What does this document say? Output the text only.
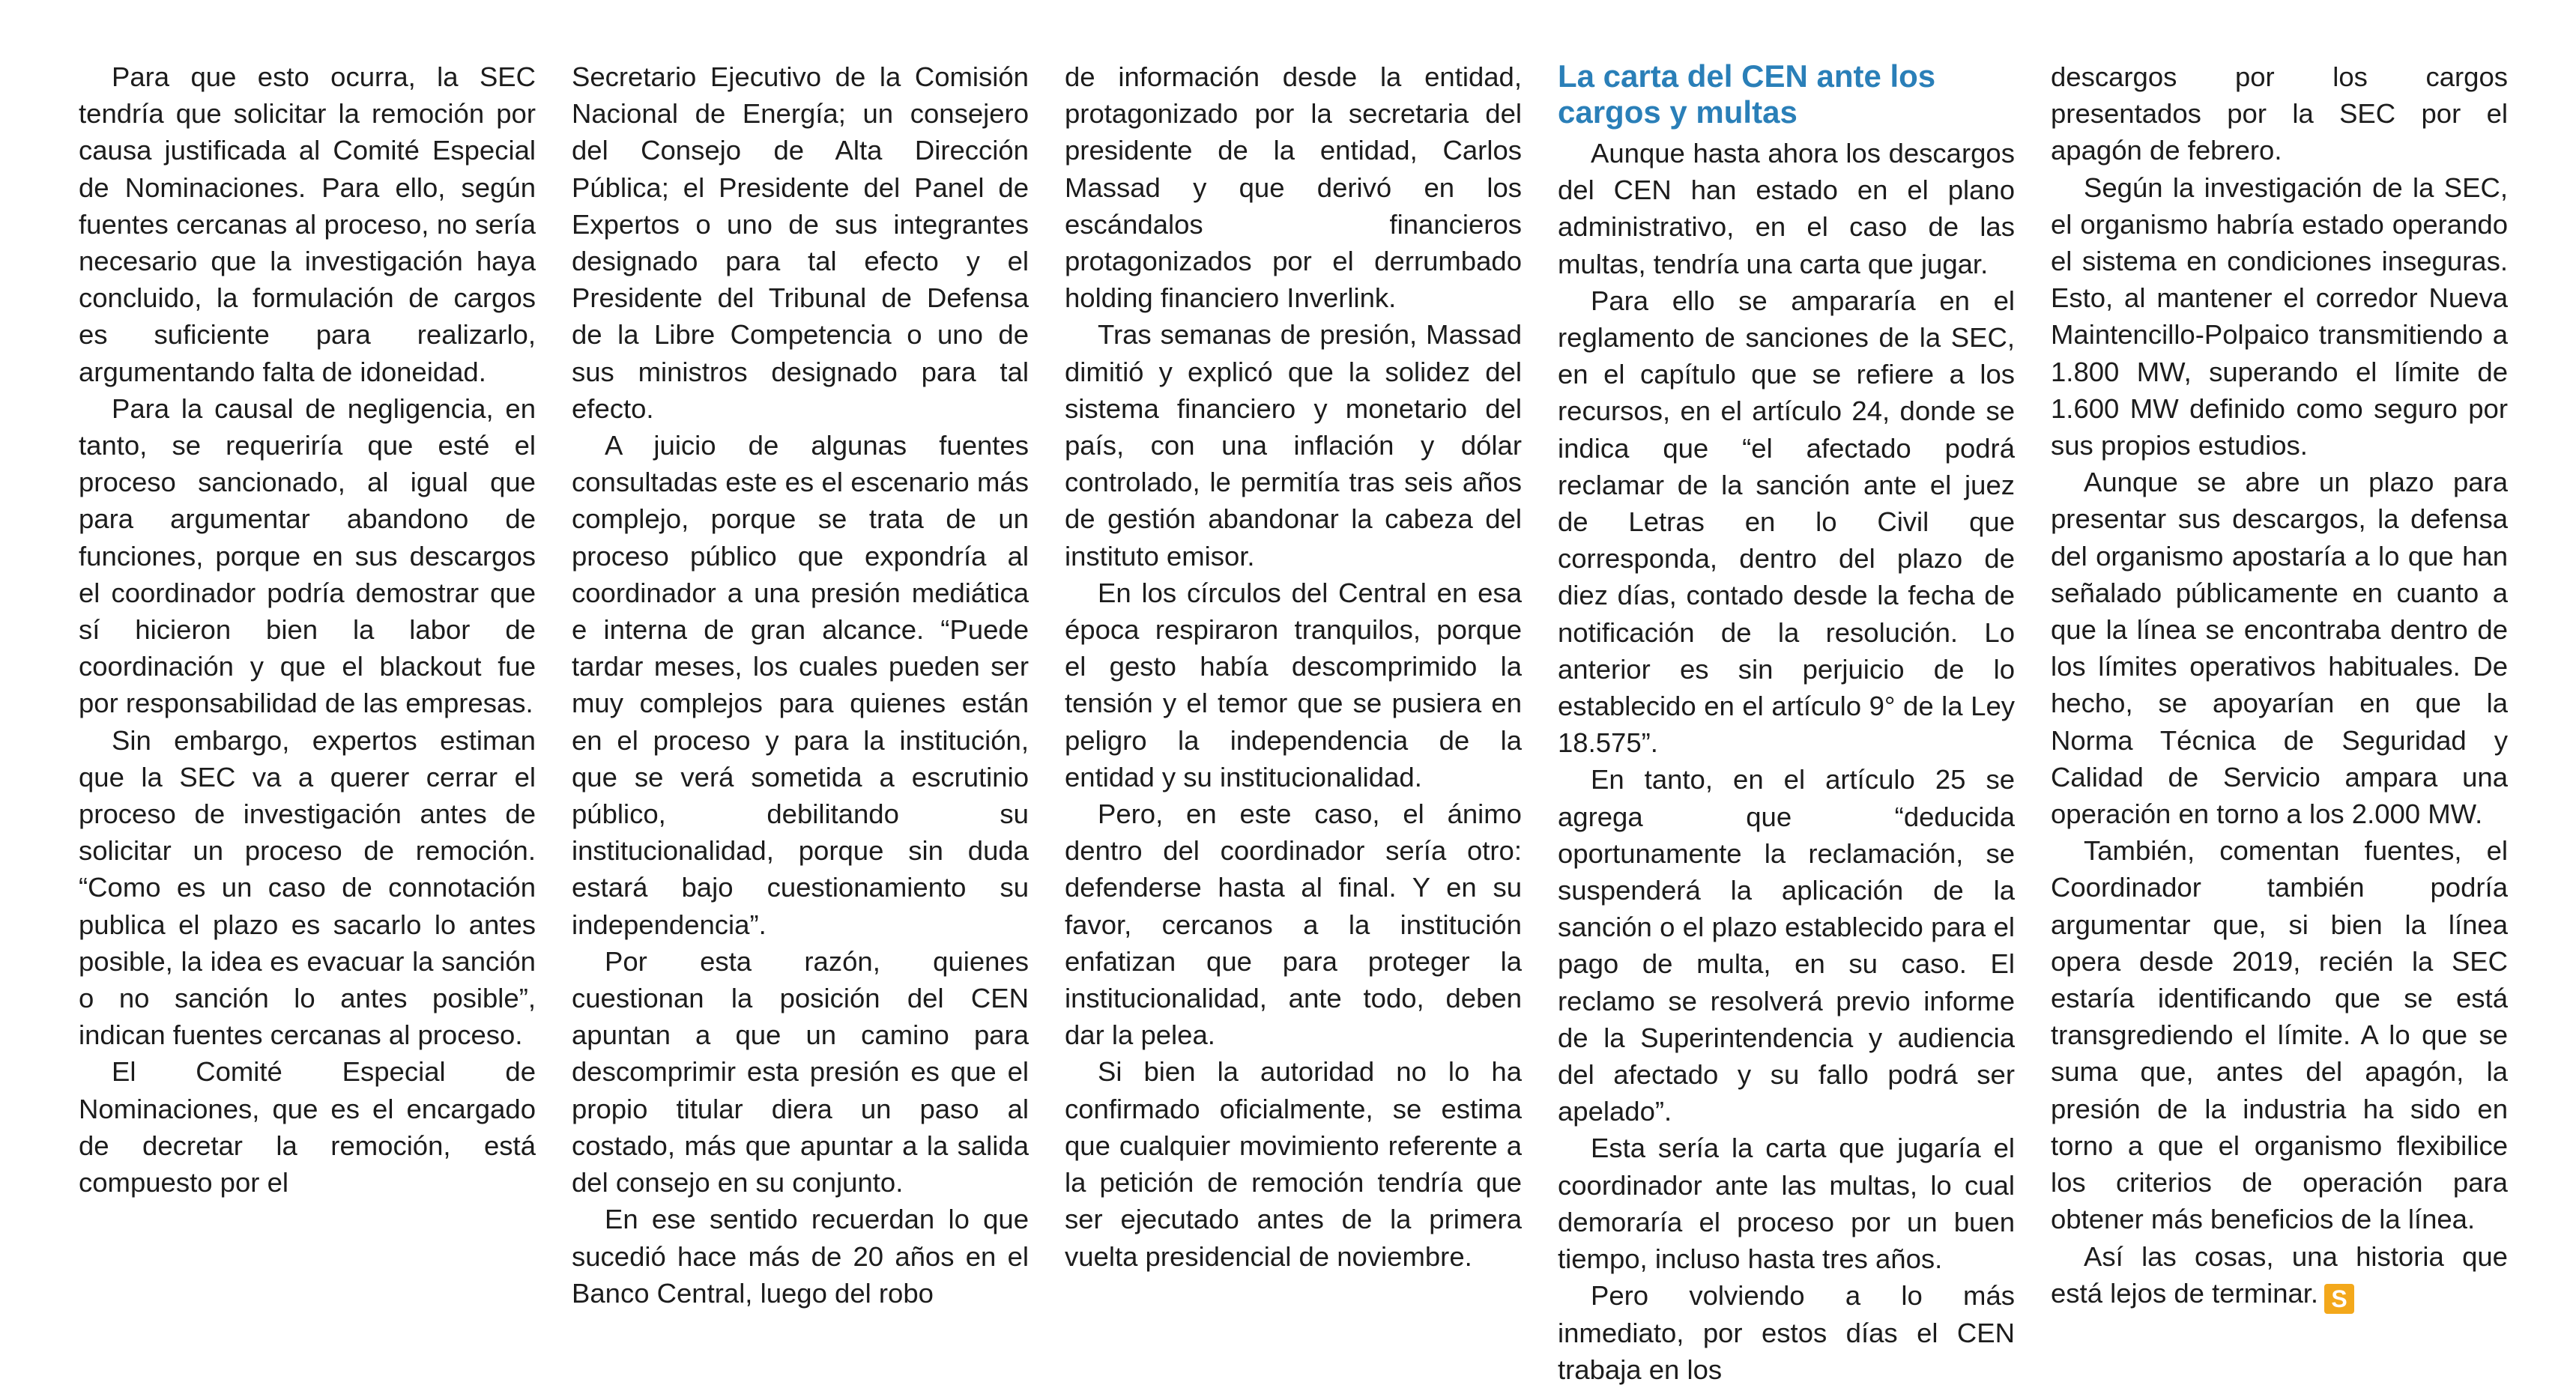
Para que esto ocurra, la SEC tendría que solicitar la remoción por causa justificada al Comité Especial de Nominaciones. Para ello, según fuentes cercanas al proceso, no sería necesario que la investigación haya concluido, la formulación de cargos es suficiente para realizarlo, argumentando falta de idoneidad.

Para la causal de negligencia, en tanto, se requeriría que esté el proceso sancionado, al igual que para argumentar abandono de funciones, porque en sus descargos el coordinador podría demostrar que sí hicieron bien la labor de coordinación y que el blackout fue por responsabilidad de las empresas.

Sin embargo, expertos estiman que la SEC va a querer cerrar el proceso de investigación antes de solicitar un proceso de remoción. “Como es un caso de connotación publica el plazo es sacarlo lo antes posible, la idea es evacuar la sanción o no sanción lo antes posible”, indican fuentes cercanas al proceso.

El Comité Especial de Nominaciones, que es el encargado de decretar la remoción, está compuesto por el

Secretario Ejecutivo de la Comisión Nacional de Energía; un consejero del Consejo de Alta Dirección Pública; el Presidente del Panel de Expertos o uno de sus integrantes designado para tal efecto y el Presidente del Tribunal de Defensa de la Libre Competencia o uno de sus ministros designado para tal efecto.

A juicio de algunas fuentes consultadas este es el escenario más complejo, porque se trata de un proceso público que expondría al coordinador a una presión mediática e interna de gran alcance. “Puede tardar meses, los cuales pueden ser muy complejos para quienes están en el proceso y para la institución, que se verá sometida a escrutinio público, debilitando su institucionalidad, porque sin duda estará bajo cuestionamiento su independencia”.

Por esta razón, quienes cuestionan la posición del CEN apuntan a que un camino para descomprimir esta presión es que el propio titular diera un paso al costado, más que apuntar a la salida del consejo en su conjunto.

En ese sentido recuerdan lo que sucedió hace más de 20 años en el Banco Central, luego del robo

de información desde la entidad, protagonizado por la secretaria del presidente de la entidad, Carlos Massad y que derivó en los escándalos financieros protagonizados por el derrumbado holding financiero Inverlink.

Tras semanas de presión, Massad dimitió y explicó que la solidez del sistema financiero y monetario del país, con una inflación y dólar controlado, le permitía tras seis años de gestión abandonar la cabeza del instituto emisor.

En los círculos del Central en esa época respiraron tranquilos, porque el gesto había descomprimido la tensión y el temor que se pusiera en peligro la independencia de la entidad y su institucionalidad.

Pero, en este caso, el ánimo dentro del coordinador sería otro: defenderse hasta al final. Y en su favor, cercanos a la institución enfatizan que para proteger la institucionalidad, ante todo, deben dar la pelea.

Si bien la autoridad no lo ha confirmado oficialmente, se estima que cualquier movimiento referente a la petición de remoción tendría que ser ejecutado antes de la primera vuelta presidencial de noviembre.

La carta del CEN ante los cargos y multas

Aunque hasta ahora los descargos del CEN han estado en el plano administrativo, en el caso de las multas, tendría una carta que jugar.

Para ello se ampararía en el reglamento de sanciones de la SEC, en el capítulo que se refiere a los recursos, en el artículo 24, donde se indica que “el afectado podrá reclamar de la sanción ante el juez de Letras en lo Civil que corresponda, dentro del plazo de diez días, contado desde la fecha de notificación de la resolución. Lo anterior es sin perjuicio de lo establecido en el artículo 9° de la Ley 18.575”.

En tanto, en el artículo 25 se agrega que “deducida oportunamente la reclamación, se suspenderá la aplicación de la sanción o el plazo establecido para el pago de multa, en su caso. El reclamo se resolverá previo informe de la Superintendencia y audiencia del afectado y su fallo podrá ser apelado”.

Esta sería la carta que jugaría el coordinador ante las multas, lo cual demoraría el proceso por un buen tiempo, incluso hasta tres años.

Pero volviendo a lo más inmediato, por estos días el CEN trabaja en los

descargos por los cargos presentados por la SEC por el apagón de febrero.

Según la investigación de la SEC, el organismo habría estado operando el sistema en condiciones inseguras. Esto, al mantener el corredor Nueva Maintencillo-Polpaico transmitiendo a 1.800 MW, superando el límite de 1.600 MW definido como seguro por sus propios estudios.

Aunque se abre un plazo para presentar sus descargos, la defensa del organismo apostaría a lo que han señalado públicamente en cuanto a que la línea se encontraba dentro de los límites operativos habituales. De hecho, se apoyarían en que la Norma Técnica de Seguridad y Calidad de Servicio ampara una operación en torno a los 2.000 MW.

También, comentan fuentes, el Coordinador también podría argumentar que, si bien la línea opera desde 2019, recién la SEC estaría identificando que se está transgrediendo el límite. A lo que se suma que, antes del apagón, la presión de la industria ha sido en torno a que el organismo flexibilice los criterios de operación para obtener más beneficios de la línea.

Así las cosas, una historia que está lejos de terminar. S
